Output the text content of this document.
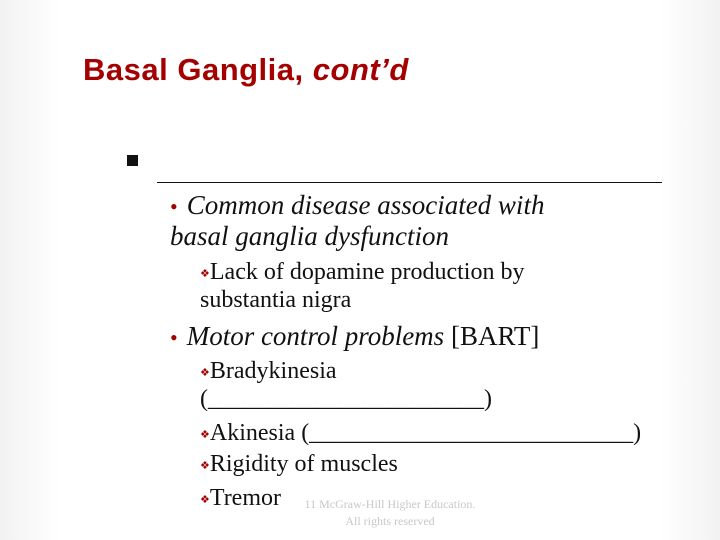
Basal Ganglia, cont’d
• Common disease associated with
basal ganglia dysfunction
❖Lack of dopamine production by
substantia nigra
• Motor control problems [BART]
❖Bradykinesia
(_______________________)
❖Akinesia (___________________________)
❖Rigidity of muscles
❖Tremor	11 McGraw-Hill Higher Education.
All rights reserved
